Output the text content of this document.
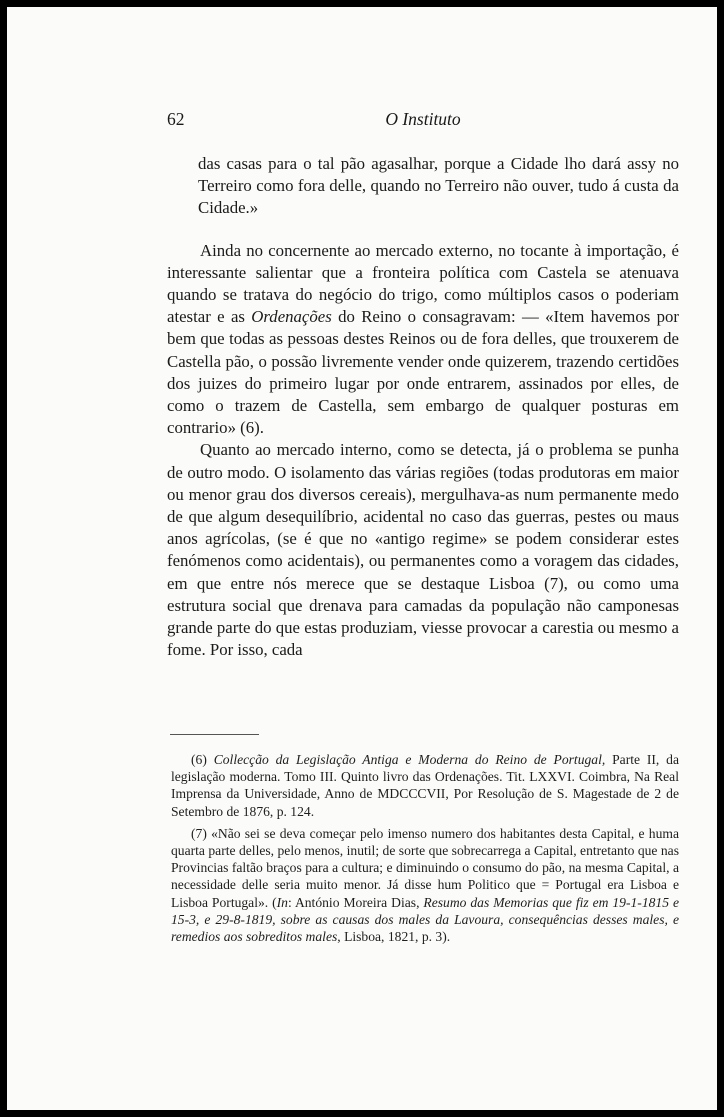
62	O Instituto

das casas para o tal pão agasalhar, porque a Cidade lho dará assy no Terreiro como fora delle, quando no Terreiro não ouver, tudo á custa da Cidade.»

Ainda no concernente ao mercado externo, no tocante à importação, é interessante salientar que a fronteira política com Castela se atenuava quando se tratava do negócio do trigo, como múltiplos casos o poderiam atestar e as Ordenações do Reino o consagravam: — «Item havemos por bem que todas as pessoas destes Reinos ou de fora delles, que trouxerem de Castella pão, o possão livremente vender onde quizerem, trazendo certidões dos juizes do primeiro lugar por onde entrarem, assinados por elles, de como o trazem de Castella, sem embargo de qualquer posturas em contrario» (6).

Quanto ao mercado interno, como se detecta, já o problema se punha de outro modo. O isolamento das várias regiões (todas produtoras em maior ou menor grau dos diversos cereais), mergulhava-as num permanente medo de que algum desequilíbrio, acidental no caso das guerras, pestes ou maus anos agrícolas, (se é que no «antigo regime» se podem considerar estes fenómenos como acidentais), ou permanentes como a voragem das cidades, em que entre nós merece que se destaque Lisboa (7), ou como uma estrutura social que drenava para camadas da população não camponesas grande parte do que estas produziam, viesse provocar a carestia ou mesmo a fome. Por isso, cada

(6) Collecção da Legislação Antiga e Moderna do Reino de Portugal, Parte II, da legislação moderna. Tomo III. Quinto livro das Ordenações. Tit. LXXVI. Coimbra, Na Real Imprensa da Universidade, Anno de MDCCCVII, Por Resolução de S. Magestade de 2 de Setembro de 1876, p. 124.

(7) «Não sei se deva começar pelo imenso numero dos habitantes desta Capital, e huma quarta parte delles, pelo menos, inutil; de sorte que sobrecarrega a Capital, entretanto que nas Provincias faltão braços para a cultura; e diminuindo o consumo do pão, na mesma Capital, a necessidade delle seria muito menor. Já disse hum Politico que = Portugal era Lisboa e Lisboa Portugal». (In: António Moreira Dias, Resumo das Memorias que fiz em 19-1-1815 e 15-3, e 29-8-1819, sobre as causas dos males da Lavoura, consequências desses males, e remedios aos sobreditos males, Lisboa, 1821, p. 3).
